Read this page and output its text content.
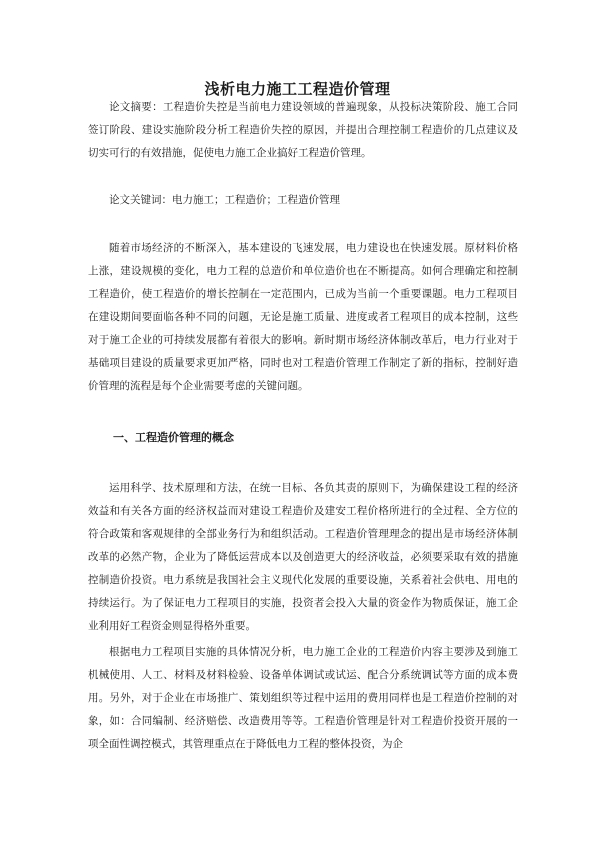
浅析电力施工工程造价管理

论文摘要：工程造价失控是当前电力建设领域的普遍现象，从投标决策阶段、施工合同签订阶段、建设实施阶段分析工程造价失控的原因，并提出合理控制工程造价的几点建议及切实可行的有效措施，促使电力施工企业搞好工程造价管理。

论文关键词：电力施工；工程造价；工程造价管理

随着市场经济的不断深入，基本建设的飞速发展，电力建设也在快速发展。原材料价格上涨，建设规模的变化，电力工程的总造价和单位造价也在不断提高。如何合理确定和控制工程造价，使工程造价的增长控制在一定范围内，已成为当前一个重要课题。电力工程项目在建设期间要面临各种不同的问题，无论是施工质量、进度或者工程项目的成本控制，这些对于施工企业的可持续发展都有着很大的影响。新时期市场经济体制改革后，电力行业对于基础项目建设的质量要求更加严格，同时也对工程造价管理工作制定了新的指标，控制好造价管理的流程是每个企业需要考虑的关键问题。

一、工程造价管理的概念

运用科学、技术原理和方法，在统一目标、各负其责的原则下，为确保建设工程的经济效益和有关各方面的经济权益而对建设工程造价及建安工程价格所进行的全过程、全方位的符合政策和客观规律的全部业务行为和组织活动。工程造价管理理念的提出是市场经济体制改革的必然产物，企业为了降低运营成本以及创造更大的经济收益，必须要采取有效的措施控制造价投资。电力系统是我国社会主义现代化发展的重要设施，关系着社会供电、用电的持续运行。为了保证电力工程项目的实施，投资者会投入大量的资金作为物质保证，施工企业利用好工程资金则显得格外重要。

根据电力工程项目实施的具体情况分析，电力施工企业的工程造价内容主要涉及到施工机械使用、人工、材料及材料检验、设备单体调试或试运、配合分系统调试等方面的成本费用。另外，对于企业在市场推广、策划组织等过程中运用的费用同样也是工程造价控制的对象，如：合同编制、经济赔偿、改造费用等等。工程造价管理是针对工程造价投资开展的一项全面性调控模式，其管理重点在于降低电力工程的整体投资，为企
